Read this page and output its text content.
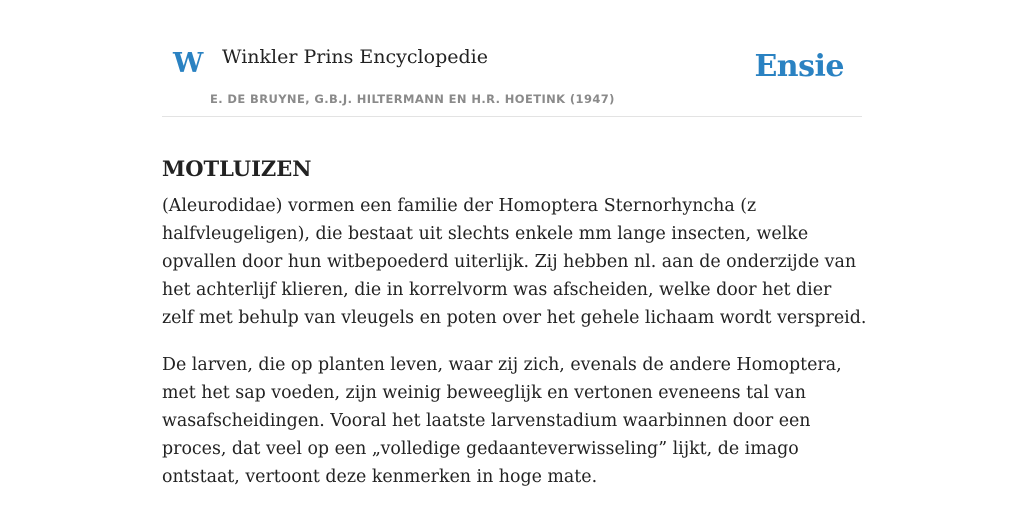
W Winkler Prins Encyclopedie
E. DE BRUYNE, G.B.J. HILTERMANN EN H.R. HOETINK (1947)
Ensie
MOTLUIZEN

(Aleurodidae) vormen een familie der Homoptera Sternorhyncha (z halfvleugeligen), die bestaat uit slechts enkele mm lange insecten, welke opvallen door hun witbepoederd uiterlijk. Zij hebben nl. aan de onderzijde van het achterlijf klieren, die in korrelvorm was afscheiden, welke door het dier zelf met behulp van vleugels en poten over het gehele lichaam wordt verspreid.

De larven, die op planten leven, waar zij zich, evenals de andere Homoptera, met het sap voeden, zijn weinig beweeglijk en vertonen eveneens tal van wasafscheidingen. Vooral het laatste larvenstadium waarbinnen door een proces, dat veel op een „volledige gedaanteverwisseling” lijkt, de imago ontstaat, vertoont deze kenmerken in hoge mate.
